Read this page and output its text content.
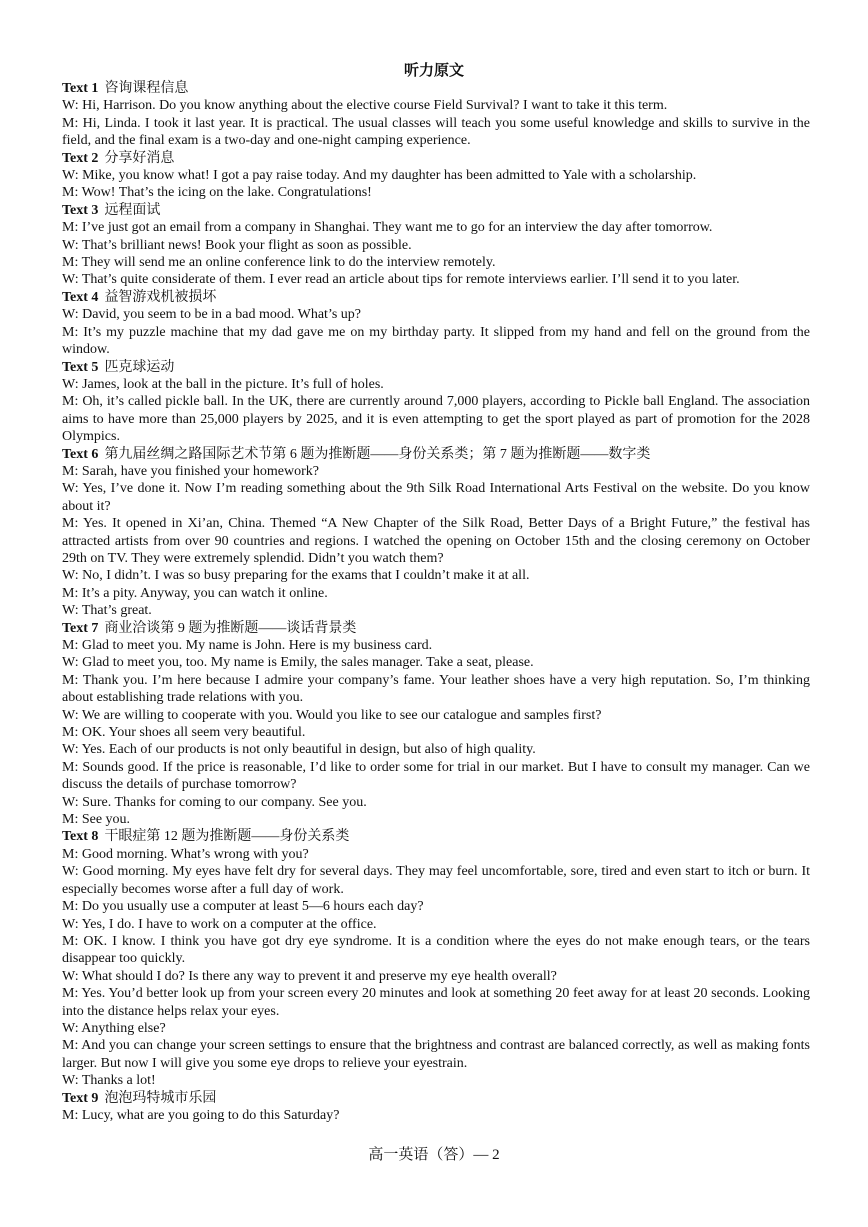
听力原文

Text 1 咨询课程信息

W: Hi, Harrison. Do you know anything about the elective course Field Survival? I want to take it this term.

M: Hi, Linda. I took it last year. It is practical. The usual classes will teach you some useful knowledge and skills to survive in the field, and the final exam is a two-day and one-night camping experience.

Text 2 分享好消息

W: Mike, you know what! I got a pay raise today. And my daughter has been admitted to Yale with a scholarship.

M: Wow! That’s the icing on the lake. Congratulations!

Text 3 远程面试

M: I’ve just got an email from a company in Shanghai. They want me to go for an interview the day after tomorrow.

W: That’s brilliant news! Book your flight as soon as possible.

M: They will send me an online conference link to do the interview remotely.

W: That’s quite considerate of them. I ever read an article about tips for remote interviews earlier. I’ll send it to you later.

Text 4 益智游戏机被损坏

W: David, you seem to be in a bad mood. What’s up?

M: It’s my puzzle machine that my dad gave me on my birthday party. It slipped from my hand and fell on the ground from the window.

Text 5 匹克球运动

W: James, look at the ball in the picture. It’s full of holes.

M: Oh, it’s called pickle ball. In the UK, there are currently around 7,000 players, according to Pickle ball England. The association aims to have more than 25,000 players by 2025, and it is even attempting to get the sport played as part of promotion for the 2028 Olympics.

Text 6 第九届丝绸之路国际艺术节第 6 题为推断题——身份关系类；第 7 题为推断题——数字类

M: Sarah, have you finished your homework?

W: Yes, I’ve done it. Now I’m reading something about the 9th Silk Road International Arts Festival on the website. Do you know about it?

M: Yes. It opened in Xi’an, China. Themed “A New Chapter of the Silk Road, Better Days of a Bright Future,” the festival has attracted artists from over 90 countries and regions. I watched the opening on October 15th and the closing ceremony on October 29th on TV. They were extremely splendid. Didn’t you watch them?

W: No, I didn’t. I was so busy preparing for the exams that I couldn’t make it at all.

M: It’s a pity. Anyway, you can watch it online.

W: That’s great.

Text 7 商业洽谈第 9 题为推断题——谈话背景类

M: Glad to meet you. My name is John. Here is my business card.

W: Glad to meet you, too. My name is Emily, the sales manager. Take a seat, please.

M: Thank you. I’m here because I admire your company’s fame. Your leather shoes have a very high reputation. So, I’m thinking about establishing trade relations with you.

W: We are willing to cooperate with you. Would you like to see our catalogue and samples first?

M: OK. Your shoes all seem very beautiful.

W: Yes. Each of our products is not only beautiful in design, but also of high quality.

M: Sounds good. If the price is reasonable, I’d like to order some for trial in our market. But I have to consult my manager. Can we discuss the details of purchase tomorrow?

W: Sure. Thanks for coming to our company. See you.

M: See you.

Text 8 干眼症第 12 题为推断题——身份关系类

M: Good morning. What’s wrong with you?

W: Good morning. My eyes have felt dry for several days. They may feel uncomfortable, sore, tired and even start to itch or burn. It especially becomes worse after a full day of work.

M: Do you usually use a computer at least 5—6 hours each day?

W: Yes, I do. I have to work on a computer at the office.

M: OK. I know. I think you have got dry eye syndrome. It is a condition where the eyes do not make enough tears, or the tears disappear too quickly.

W: What should I do? Is there any way to prevent it and preserve my eye health overall?

M: Yes. You’d better look up from your screen every 20 minutes and look at something 20 feet away for at least 20 seconds. Looking into the distance helps relax your eyes.

W: Anything else?

M: And you can change your screen settings to ensure that the brightness and contrast are balanced correctly, as well as making fonts larger. But now I will give you some eye drops to relieve your eyestrain.

W: Thanks a lot!

Text 9 泡泡玛特城市乐园

M: Lucy, what are you going to do this Saturday?

高一英语（答）— 2
